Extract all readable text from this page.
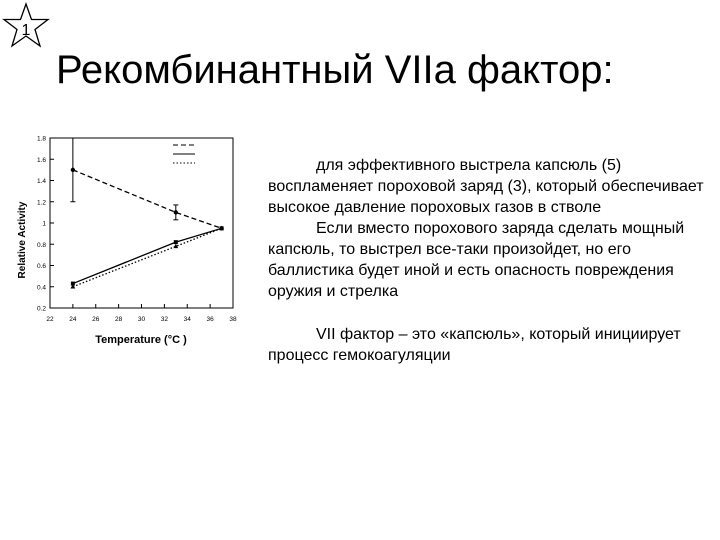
1
Рекомбинантный VIIa фактор:
0.2
0.4
0.6
0.8
1
1.2
1.4
1.6
1.8
22 24 26 28 30 32 34 36 38
Relative Activity
Temperature (°C )

для эффективного выстрела капсюль (5) воспламеняет пороховой заряд (3), который обеспечивает высокое давление пороховых газов в стволе

Если вместо порохового заряда сделать мощный капсюль, то выстрел все-таки произойдет, но его баллистика будет иной и есть опасность повреждения оружия и стрелка

VII фактор – это «капсюль», который инициирует процесс гемокоагуляции
